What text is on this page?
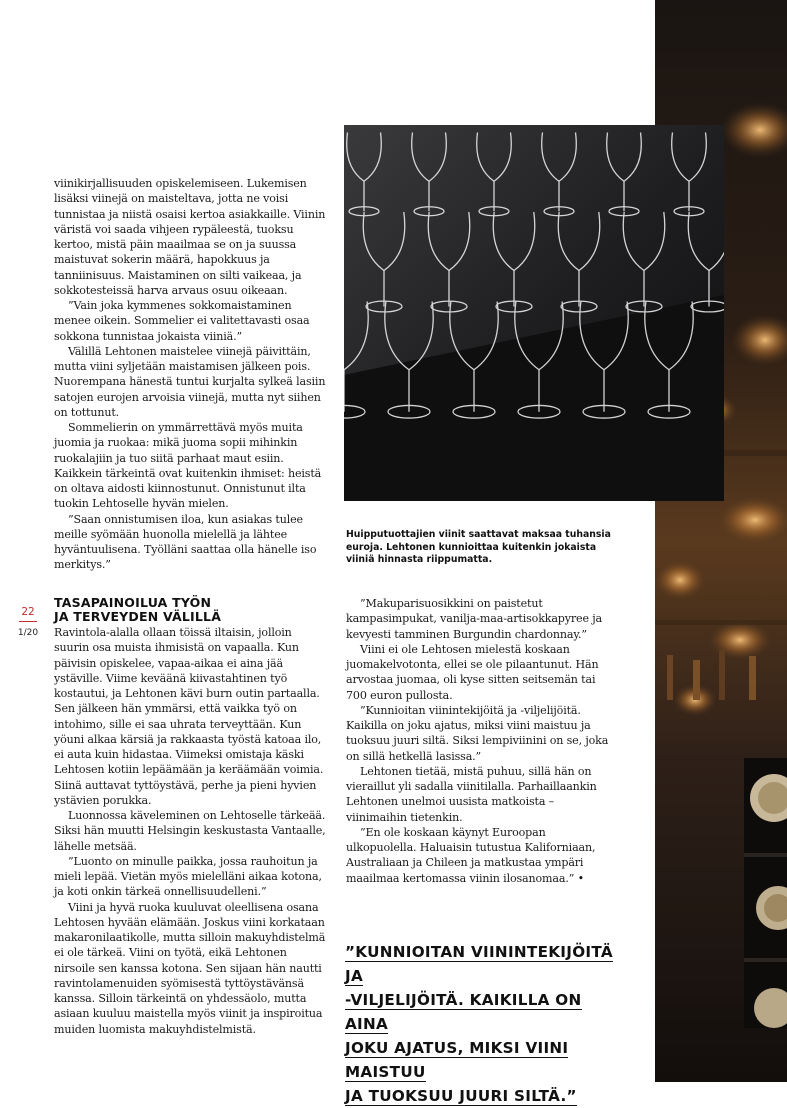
viinikirjallisuuden opiskelemiseen. Lukemisen lisäksi viinejä on maisteltava, jotta ne voisi tunnistaa ja niistä osaisi kertoa asiakkaille. Viinin väristä voi saada vihjeen rypäleestä, tuoksu kertoo, mistä päin maailmaa se on ja suussa maistuvat sokerin määrä, hapokkuus ja tanniinisuus. Maistaminen on silti vaikeaa, ja sokkotesteissä harva arvaus osuu oikeaan.

”Vain joka kymmenes sokkomaistaminen menee oikein. Sommelier ei valitettavasti osaa sokkona tunnistaa jokaista viiniä.”

Välillä Lehtonen maistelee viinejä päivittäin, mutta viini syljetään maistamisen jälkeen pois. Nuorempana hänestä tuntui kurjalta sylkeä lasiin satojen eurojen arvoisia viinejä, mutta nyt siihen on tottunut.

Sommelierin on ymmärrettävä myös muita juomia ja ruokaa: mikä juoma sopii mihinkin ruokalajiin ja tuo siitä parhaat maut esiin. Kaikkein tärkeintä ovat kuitenkin ihmiset: heistä on oltava aidosti kiinnostunut. Onnistunut ilta tuokin Lehtoselle hyvän mielen.

”Saan onnistumisen iloa, kun asiakas tulee meille syömään huonolla mielellä ja lähtee hyväntuulisena. Työlläni saattaa olla hänelle iso merkitys.”

22
1/20
TASAPAINOILUA TYÖN
JA TERVEYDEN VÄLILLÄ

Ravintola-alalla ollaan töissä iltaisin, jolloin suurin osa muista ihmisistä on vapaalla. Kun päivisin opiskelee, vapaa-aikaa ei aina jää ystäville. Viime keväänä kiivastahtinen työ kostautui, ja Lehtonen kävi burn outin partaalla. Sen jälkeen hän ymmärsi, että vaikka työ on intohimo, sille ei saa uhrata terveyttään. Kun yöuni alkaa kärsiä ja rakkaasta työstä katoaa ilo, ei auta kuin hidastaa. Viimeksi omistaja käski Lehtosen kotiin lepäämään ja keräämään voimia. Siinä auttavat tyttöystävä, perhe ja pieni hyvien ystävien porukka.

Luonnossa käveleminen on Lehtoselle tärkeää. Siksi hän muutti Helsingin keskustasta Vantaalle, lähelle metsää.

”Luonto on minulle paikka, jossa rauhoitun ja mieli lepää. Vietän myös mielelläni aikaa kotona, ja koti onkin tärkeä onnellisuudelleni.”

Viini ja hyvä ruoka kuuluvat oleellisena osana Lehtosen hyvään elämään. Joskus viini korkataan makaronilaatikolle, mutta silloin makuyhdistelmä ei ole tärkeä. Viini on työtä, eikä Lehtonen nirsoile sen kanssa kotona. Sen sijaan hän nautti ravintolamenuiden syömisestä tyttöystävänsä kanssa. Silloin tärkeintä on yhdessäolo, mutta asiaan kuuluu maistella myös viinit ja inspiroitua muiden luomista makuyhdistelmistä.

Huipputuottajien viinit saattavat maksaa tuhansia euroja. Lehtonen kunnioittaa kuitenkin jokaista viiniä hinnasta riippumatta.

”Makuparisuosikkini on paistetut kampasimpukat, vanilja-maa-artisokkapyree ja kevyesti tamminen Burgundin chardonnay.”

Viini ei ole Lehtosen mielestä koskaan juomakelvotonta, ellei se ole pilaantunut. Hän arvostaa juomaa, oli kyse sitten seitsemän tai 700 euron pullosta.

”Kunnioitan viinintekijöitä ja -viljelijöitä. Kaikilla on joku ajatus, miksi viini maistuu ja tuoksuu juuri siltä. Siksi lempiviinini on se, joka on sillä hetkellä lasissa.”

Lehtonen tietää, mistä puhuu, sillä hän on vieraillut yli sadalla viinitilalla. Parhaillaankin Lehtonen unelmoi uusista matkoista – viinimaihin tietenkin.

”En ole koskaan käynyt Euroopan ulkopuolella. Haluaisin tutustua Kaliforniaan, Australiaan ja Chileen ja matkustaa ympäri maailmaa kertomassa viinin ilosanomaa.” •

”KUNNIOITAN VIININTEKIJÖITÄ JA
-VILJELIJÖITÄ. KAIKILLA ON AINA
JOKU AJATUS, MIKSI VIINI MAISTUU
JA TUOKSUU JUURI SILTÄ.”
